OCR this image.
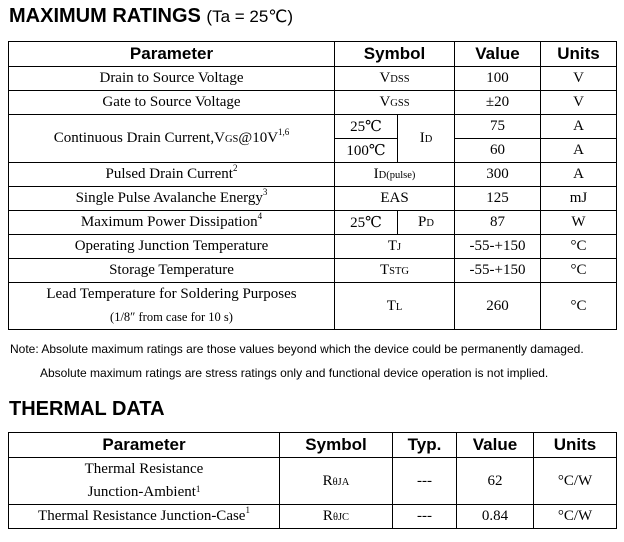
MAXIMUM RATINGS (Ta = 25℃)
Parameter	Symbol		Value	Units
Drain to Source Voltage	VDSS		100	V
Gate to Source Voltage	VGSS		±20	V
Continuous Drain $Current,VGS@10V^{1,6}$	25℃	ID	75	A
	100℃		60	A
Pulsed Drain Current$^2$	ID(pulse)		300	A
Single Pulse Avalanche Energy$^3$	EAS		125	mJ
Maximum Power Dissipation$^4$	25℃	PD	87	W
Operating Junction Temperature	TJ		-55-+150	°C
Storage Temperature	TSTG		-55-+150	°C

Lead Temperature for Soldering Purposes
(1/8″ from case for 10 s)	TL		260	°C
Note: Absolute maximum ratings are those values beyond which the device could be permanently damaged.
Absolute maximum ratings are stress ratings only and functional device operation is not implied.
THERMAL DATA
Parameter	Symbol	Typ.	Value	Units

Thermal Resistance
Junction-Ambient$^1$	RθJA	---	62	°C/W
Thermal Resistance Junction-Case$^1$	RθJC	---	0.84	°C/W
